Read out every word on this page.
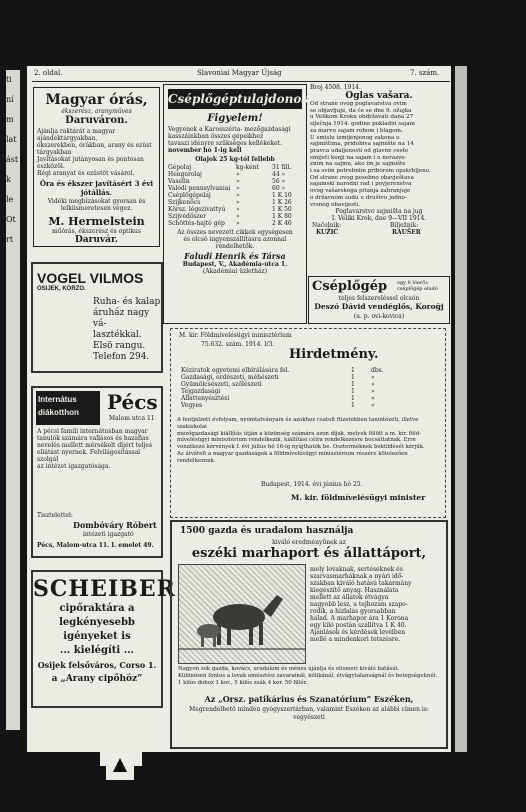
ti
ní
m
lat
ást
k
le
Ot
rt
2. oldal.	Slavoniai Magyar Újság	7. szám.
Magyar órás,
ékszerész, aranyműves
Daruváron.
Ajánlja raktárát a magyar ajándéktárgyakban,
ékszerekben, órákban, arany és ezüst tárgyakban
Javításokat jutányosan és pontosan eszközöl.
Régi aranyat és ezüstöt vásárol.
Óra és ékszer javításért 3 évi jótállás.
Vidéki megbízásokat gyorsan és lelkiismeretesen végez.
M. Hermelstein
műórás, ékszerész és optikus
Daruvár.
VOGEL VILMOS
OSIJEK, KORZO.
Ruha- és kalap
áruház nagy vá-
lasztékkal.
Elsö rangu.
Telefon 294.
Internátus
diákotthon	Pécs
Malom utca 11
A pécsi famili internátusban magyar
tanulók számára vallásos és hazafias
nevelés mellett mérsékelt díjért teljes
ellátást nyernek. Felvilágosítással szolgál
az intézet igazgatósága.
Tisztelettel:
Dombóváry Róbert
intézeti igazgató
Pécs, Malom-utca 11. I. emelet 49.
SCHEIBER
cipőraktára a
legkényesebb
igényeket is
... kielégíti ...
Osijek felsőváros, Corso 1.
a „Arany cipőhöz”
Cséplőgéptulajdonosok
Figyelem!
Vegyenek a Karosszéria- mezőgazdasági kasszáinkban összes gépeikhez
tavaszi idényre szükséges kellékeket.
november hó 1-ig kell
Olajok 25 kg-tól fellebb
Gépolaj	kg-ként 31 fill.
Hengerolaj	»	44 »
Vaselin	»	56 »
Valódi pennsylvaniai »	60 »
Cséplőgépolaj	»	1 K 10
Szijkenőcs	»	1 K 26
Körsz. légszivattyú »	1 K 50
Szijvédőszer	»	1 K 80
Schöttés-hajtó gép »	2 K 46
Az összes nevezett cikkek egységesen
és olcsó ingyenszállításra azonnal rendelhetők.
Faludi Henrik és Társa
Budapest, V., Akadémia-utca 1.
(Akadémiai üzletház)
Broj 4508. 1914.
Oglas vašara.
Od strane ovog poglavarstva ovim
se objavljuje, da će se dne 9. ožujka
u Velikom Kroku obdržavati dana 27
siječnja 1914. godine pokladni sajam
za marvu sajam robom i blagom.
U smislu izmijenjenog zakona o
sajmištima, pridobiva sajmište na 14
pravca udaljenosti od glavne ceste
smijeti konji na sajam i o nerazve-
znim na sajmu, ako im je sajmište
i sa svim potrebnim priborom opskrbljeno.
Od strane ovog posebno obavještava
sajamski narodni rad i povjerenstva
ovog vašarskoga pitanja zabranjuje
o državnom sudu u društvu jedno-
vrsnog obavijesti.
Poglavarstvo sajmišta na jug
I. Veliki Krok, dne 9—VII 1914.
Načelnik:	Bilježnik:
KUŽIĆ	RAUŠER
Cséplőgép egy 8 lóerős cséplőgép eladó
teljes felszereléssel olcsón
Deszó Dávid vendéglős, Koroğj
(u. p. ovi-kovica)
M. kir. Földmívelésügyi minisztérium
75.632. szám. 1914. I/3.
Hirdetmény.
Kéziratok egyetemi elbírálására fel.	1	dbs.
Gazdasági, erdészeti, méhészeti	1	»
Gyümölcsészeti, szőlészeti	1	»
Tejgazdasági	1	»
Állattenyésztési	1	»
Vegyes	1	»
A fentjelzett évfolyam, nyomtatványain és azokhoz csatolt füzetekben tanintézeti, illetve szakiskolai
mezőgazdasági kiállítás útján a közönség számára azon díjak, melyek fölött a m. kir. föld-
mívelésügyi minisztérium rendelkezik, kiállítási célra rendelkezésre bocsáttatnak. Erre
vonatkozó kérvények f. évi július hó 16-ig nyújthatók be. Oszterméknek beküldését kérjük.
Az átvételt a magyar gazdaságok a földmívelésügyi minisztérium részére kötelezően rendelkeznek.
Budapest, 1914. évi június hó 25.
M. kir. földmívelésügyi minister
1500 gazda és uradalom használja
kiváló eredményűnek az
eszéki marhaport és állattáport,
mely lovaknak, sertéseknek és
szarvasmarháknak a nyári idő-
szakban kiváló hatású takarmány
kiegészítő anyag. Használata
mellett az állatok étvágya
nagyobb lesz, a tejhozam szapo-
rodik, a hízlalás gyorsabban
halad. A marhapor ára 1 Korona
egy kiló postán szállítva 1 K 40.
Ajánlások és kérdések levélben
mellé a mindenkori tetszésre.
Nagyon sok gazda, kovács, uradalom és ménes ajánlja és elismeri kiváló hatását.
Különösen fontos a lovak emésztési zavarainál, kólikánál, étvágytalanságnál és betegségeknél.
1 kilós doboz 1 kor., 5 kilós zsák 4 kor. 50 fillér.
Az „Orsz. patikárius és Szanatórium” Eszéken,
Megrendelhető minden gyógyszertárban, valamint Eszéken az alábbi címen is:
vegyészeti
